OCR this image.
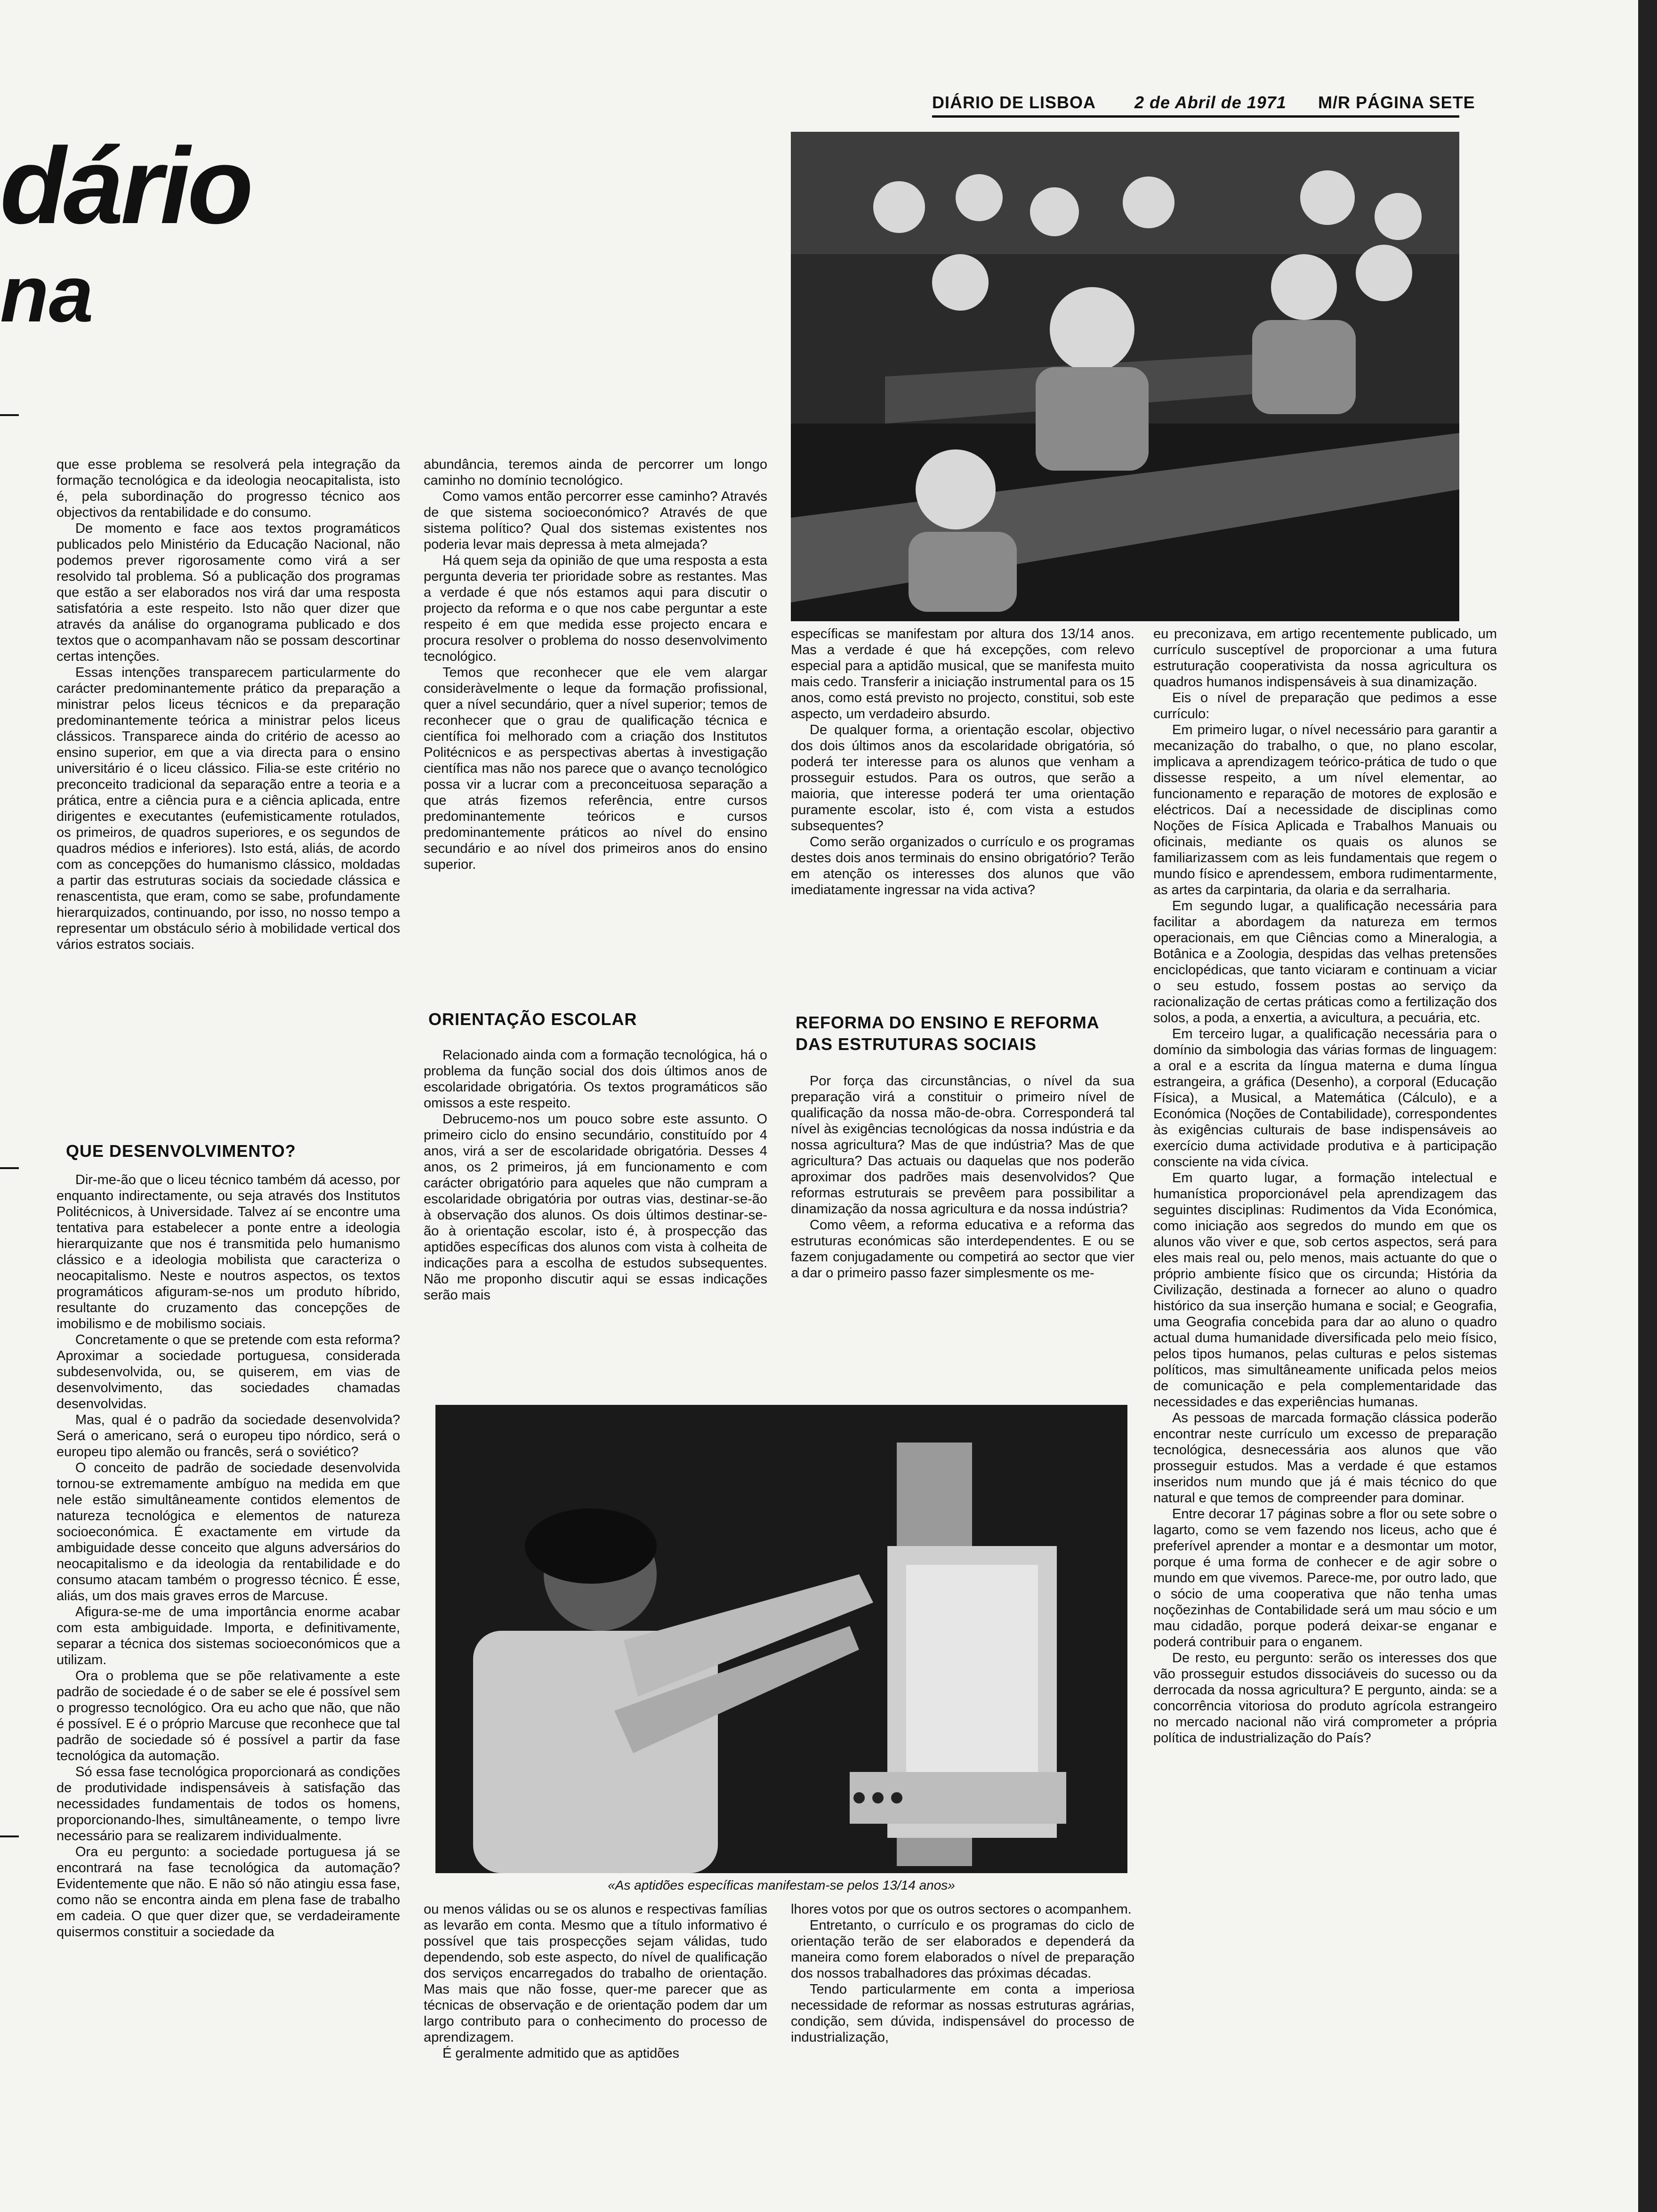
DIÁRIO DE LISBOA 2 de Abril de 1971 M/R PÁGINA SETE
dário
na

que esse problema se resolverá pela integração da formação tecnológica e da ideologia neocapitalista, isto é, pela subordinação do progresso técnico aos objectivos da rentabilidade e do consumo.

De momento e face aos textos programáticos publicados pelo Ministério da Educação Nacional, não podemos prever rigorosamente como virá a ser resolvido tal problema. Só a publicação dos programas que estão a ser elaborados nos virá dar uma resposta satisfatória a este respeito. Isto não quer dizer que através da análise do organograma publicado e dos textos que o acompanhavam não se possam descortinar certas intenções.

Essas intenções transparecem particularmente do carácter predominantemente prático da preparação a ministrar pelos liceus técnicos e da preparação predominantemente teórica a ministrar pelos liceus clássicos. Transparece ainda do critério de acesso ao ensino superior, em que a via directa para o ensino universitário é o liceu clássico. Filia-se este critério no preconceito tradicional da separação entre a teoria e a prática, entre a ciência pura e a ciência aplicada, entre dirigentes e executantes (eufemisticamente rotulados, os primeiros, de quadros superiores, e os segundos de quadros médios e inferiores). Isto está, aliás, de acordo com as concepções do humanismo clássico, moldadas a partir das estruturas sociais da sociedade clássica e renascentista, que eram, como se sabe, profundamente hierarquizados, continuando, por isso, no nosso tempo a representar um obstáculo sério à mobilidade vertical dos vários estratos sociais.

QUE DESENVOLVIMENTO?

Dir-me-ão que o liceu técnico também dá acesso, por enquanto indirectamente, ou seja através dos Institutos Politécnicos, à Universidade. Talvez aí se encontre uma tentativa para estabelecer a ponte entre a ideologia hierarquizante que nos é transmitida pelo humanismo clássico e a ideologia mobilista que caracteriza o neocapitalismo. Neste e noutros aspectos, os textos programáticos afiguram-se-nos um produto híbrido, resultante do cruzamento das concepções de imobilismo e de mobilismo sociais.

Concretamente o que se pretende com esta reforma? Aproximar a sociedade portuguesa, considerada subdesenvolvida, ou, se quiserem, em vias de desenvolvimento, das sociedades chamadas desenvolvidas.

Mas, qual é o padrão da sociedade desenvolvida? Será o americano, será o europeu tipo nórdico, será o europeu tipo alemão ou francês, será o soviético?

O conceito de padrão de sociedade desenvolvida tornou-se extremamente ambíguo na medida em que nele estão simultâneamente contidos elementos de natureza tecnológica e elementos de natureza socioeconómica. É exactamente em virtude da ambiguidade desse conceito que alguns adversários do neocapitalismo e da ideologia da rentabilidade e do consumo atacam também o progresso técnico. É esse, aliás, um dos mais graves erros de Marcuse.

Afigura-se-me de uma importância enorme acabar com esta ambiguidade. Importa, e definitivamente, separar a técnica dos sistemas socioeconómicos que a utilizam.

Ora o problema que se põe relativamente a este padrão de sociedade é o de saber se ele é possível sem o progresso tecnológico. Ora eu acho que não, que não é possível. E é o próprio Marcuse que reconhece que tal padrão de sociedade só é possível a partir da fase tecnológica da automação.

Só essa fase tecnológica proporcionará as condições de produtividade indispensáveis à satisfação das necessidades fundamentais de todos os homens, proporcionando-lhes, simultâneamente, o tempo livre necessário para se realizarem individualmente.

Ora eu pergunto: a sociedade portuguesa já se encontrará na fase tecnológica da automação? Evidentemente que não. E não só não atingiu essa fase, como não se encontra ainda em plena fase de trabalho em cadeia. O que quer dizer que, se verdadeiramente quisermos constituir a sociedade da

abundância, teremos ainda de percorrer um longo caminho no domínio tecnológico.

Como vamos então percorrer esse caminho? Através de que sistema socioeconómico? Através de que sistema político? Qual dos sistemas existentes nos poderia levar mais depressa à meta almejada?

Há quem seja da opinião de que uma resposta a esta pergunta deveria ter prioridade sobre as restantes. Mas a verdade é que nós estamos aqui para discutir o projecto da reforma e o que nos cabe perguntar a este respeito é em que medida esse projecto encara e procura resolver o problema do nosso desenvolvimento tecnológico.

Temos que reconhecer que ele vem alargar consideràvelmente o leque da formação profissional, quer a nível secundário, quer a nível superior; temos de reconhecer que o grau de qualificação técnica e científica foi melhorado com a criação dos Institutos Politécnicos e as perspectivas abertas à investigação científica mas não nos parece que o avanço tecnológico possa vir a lucrar com a preconceituosa separação a que atrás fizemos referência, entre cursos predominantemente teóricos e cursos predominantemente práticos ao nível do ensino secundário e ao nível dos primeiros anos do ensino superior.

ORIENTAÇÃO ESCOLAR

Relacionado ainda com a formação tecnológica, há o problema da função social dos dois últimos anos de escolaridade obrigatória. Os textos programáticos são omissos a este respeito.

Debrucemo-nos um pouco sobre este assunto. O primeiro ciclo do ensino secundário, constituído por 4 anos, virá a ser de escolaridade obrigatória. Desses 4 anos, os 2 primeiros, já em funcionamento e com carácter obrigatório para aqueles que não cumpram a escolaridade obrigatória por outras vias, destinar-se-ão à observação dos alunos. Os dois últimos destinar-se-ão à orientação escolar, isto é, à prospecção das aptidões específicas dos alunos com vista à colheita de indicações para a escolha de estudos subsequentes. Não me proponho discutir aqui se essas indicações serão mais

específicas se manifestam por altura dos 13/14 anos. Mas a verdade é que há excepções, com relevo especial para a aptidão musical, que se manifesta muito mais cedo. Transferir a iniciação instrumental para os 15 anos, como está previsto no projecto, constitui, sob este aspecto, um verdadeiro absurdo.

De qualquer forma, a orientação escolar, objectivo dos dois últimos anos da escolaridade obrigatória, só poderá ter interesse para os alunos que venham a prosseguir estudos. Para os outros, que serão a maioria, que interesse poderá ter uma orientação puramente escolar, isto é, com vista a estudos subsequentes?

Como serão organizados o currículo e os programas destes dois anos terminais do ensino obrigatório? Terão em atenção os interesses dos alunos que vão imediatamente ingressar na vida activa?

REFORMA DO ENSINO E REFORMA DAS ESTRUTURAS SOCIAIS

Por força das circunstâncias, o nível da sua preparação virá a constituir o primeiro nível de qualificação da nossa mão-de-obra. Corresponderá tal nível às exigências tecnológicas da nossa indústria e da nossa agricultura? Mas de que indústria? Mas de que agricultura? Das actuais ou daquelas que nos poderão aproximar dos padrões mais desenvolvidos? Que reformas estruturais se prevêem para possibilitar a dinamização da nossa agricultura e da nossa indústria?

Como vêem, a reforma educativa e a reforma das estruturas económicas são interdependentes. E ou se fazem conjugadamente ou competirá ao sector que vier a dar o primeiro passo fazer simplesmente os me-

eu preconizava, em artigo recentemente publicado, um currículo susceptível de proporcionar a uma futura estruturação cooperativista da nossa agricultura os quadros humanos indispensáveis à sua dinamização.

Eis o nível de preparação que pedimos a esse currículo:

Em primeiro lugar, o nível necessário para garantir a mecanização do trabalho, o que, no plano escolar, implicava a aprendizagem teórico-prática de tudo o que dissesse respeito, a um nível elementar, ao funcionamento e reparação de motores de explosão e eléctricos. Daí a necessidade de disciplinas como Noções de Física Aplicada e Trabalhos Manuais ou oficinais, mediante os quais os alunos se familiarizassem com as leis fundamentais que regem o mundo físico e aprendessem, embora rudimentarmente, as artes da carpintaria, da olaria e da serralharia.

Em segundo lugar, a qualificação necessária para facilitar a abordagem da natureza em termos operacionais, em que Ciências como a Mineralogia, a Botânica e a Zoologia, despidas das velhas pretensões enciclopédicas, que tanto viciaram e continuam a viciar o seu estudo, fossem postas ao serviço da racionalização de certas práticas como a fertilização dos solos, a poda, a enxertia, a avicultura, a pecuária, etc.

Em terceiro lugar, a qualificação necessária para o domínio da simbologia das várias formas de linguagem: a oral e a escrita da língua materna e duma língua estrangeira, a gráfica (Desenho), a corporal (Educação Física), a Musical, a Matemática (Cálculo), e a Económica (Noções de Contabilidade), correspondentes às exigências culturais de base indispensáveis ao exercício duma actividade produtiva e à participação consciente na vida cívica.

Em quarto lugar, a formação intelectual e humanística proporcionável pela aprendizagem das seguintes disciplinas: Rudimentos da Vida Económica, como iniciação aos segredos do mundo em que os alunos vão viver e que, sob certos aspectos, será para eles mais real ou, pelo menos, mais actuante do que o próprio ambiente físico que os circunda; História da Civilização, destinada a fornecer ao aluno o quadro histórico da sua inserção humana e social; e Geografia, uma Geografia concebida para dar ao aluno o quadro actual duma humanidade diversificada pelo meio físico, pelos tipos humanos, pelas culturas e pelos sistemas políticos, mas simultâneamente unificada pelos meios de comunicação e pela complementaridade das necessidades e das experiências humanas.

As pessoas de marcada formação clássica poderão encontrar neste currículo um excesso de preparação tecnológica, desnecessária aos alunos que vão prosseguir estudos. Mas a verdade é que estamos inseridos num mundo que já é mais técnico do que natural e que temos de compreender para dominar.

Entre decorar 17 páginas sobre a flor ou sete sobre o lagarto, como se vem fazendo nos liceus, acho que é preferível aprender a montar e a desmontar um motor, porque é uma forma de conhecer e de agir sobre o mundo em que vivemos. Parece-me, por outro lado, que o sócio de uma cooperativa que não tenha umas noçõezinhas de Contabilidade será um mau sócio e um mau cidadão, porque poderá deixar-se enganar e poderá contribuir para o enganem.

De resto, eu pergunto: serão os interesses dos que vão prosseguir estudos dissociáveis do sucesso ou da derrocada da nossa agricultura? E pergunto, ainda: se a concorrência vitoriosa do produto agrícola estrangeiro no mercado nacional não virá comprometer a própria política de industrialização do País?

«As aptidões específicas manifestam-se pelos 13/14 anos»

ou menos válidas ou se os alunos e respectivas famílias as levarão em conta. Mesmo que a título informativo é possível que tais prospecções sejam válidas, tudo dependendo, sob este aspecto, do nível de qualificação dos serviços encarregados do trabalho de orientação. Mas mais que não fosse, quer-me parecer que as técnicas de observação e de orientação podem dar um largo contributo para o conhecimento do processo de aprendizagem.

É geralmente admitido que as aptidões

lhores votos por que os outros sectores o acompanhem.

Entretanto, o currículo e os programas do ciclo de orientação terão de ser elaborados e dependerá da maneira como forem elaborados o nível de preparação dos nossos trabalhadores das próximas décadas.

Tendo particularmente em conta a imperiosa necessidade de reformar as nossas estruturas agrárias, condição, sem dúvida, indispensável do processo de industrialização,
